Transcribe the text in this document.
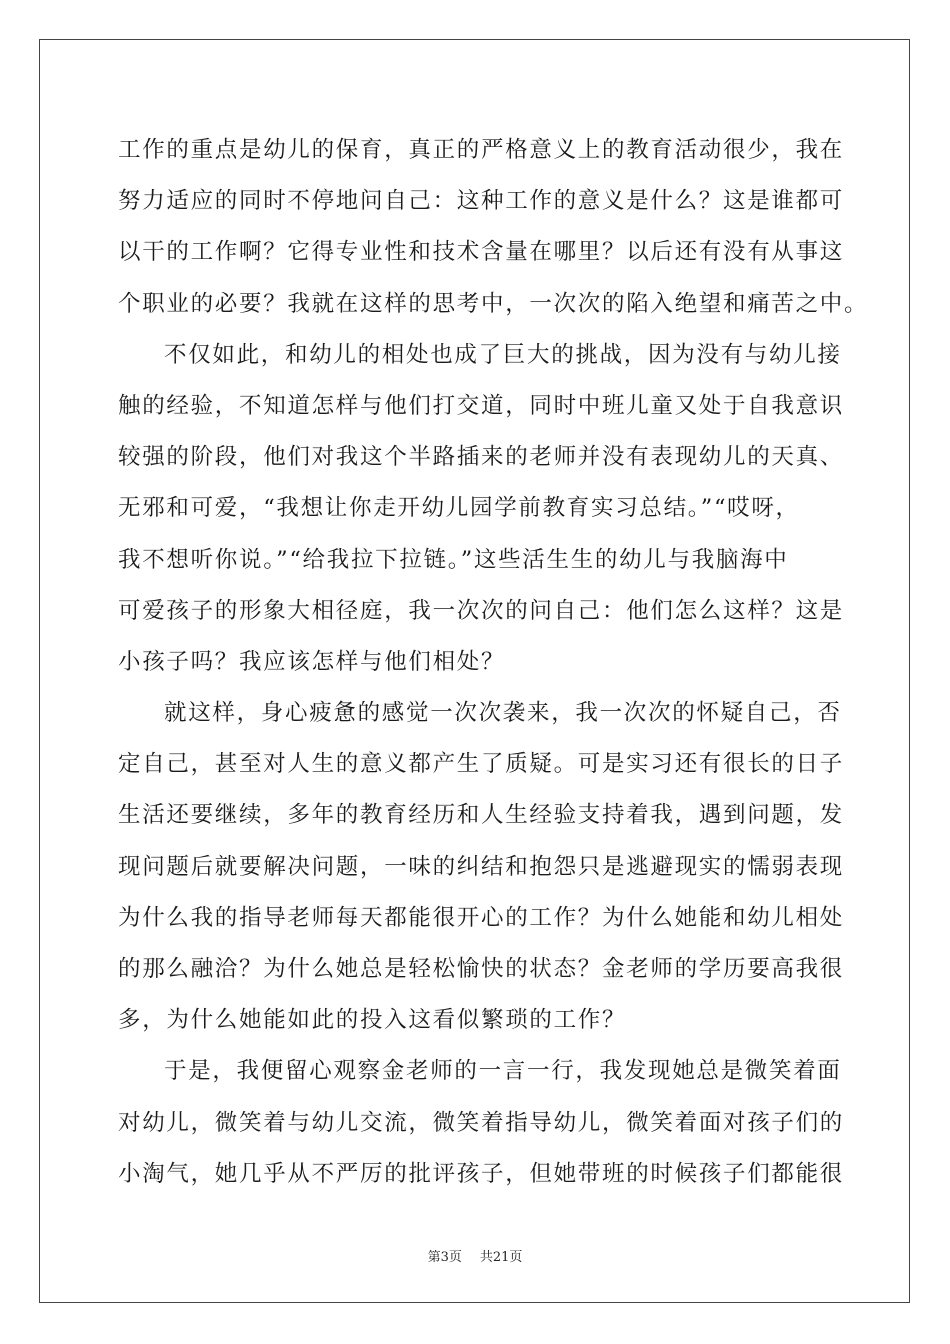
工作的重点是幼儿的保育，真正的严格意义上的教育活动很少，我在
努力适应的同时不停地问自己：这种工作的意义是什么？这是谁都可
以干的工作啊？它得专业性和技术含量在哪里？以后还有没有从事这
个职业的必要？我就在这样的思考中，一次次的陷入绝望和痛苦之中。
不仅如此，和幼儿的相处也成了巨大的挑战，因为没有与幼儿接
触的经验，不知道怎样与他们打交道，同时中班儿童又处于自我意识
较强的阶段，他们对我这个半路插来的老师并没有表现幼儿的天真、
无邪和可爱，“我想让你走开幼儿园学前教育实习总结。”“哎呀，
我不想听你说。”“给我拉下拉链。”这些活生生的幼儿与我脑海中
可爱孩子的形象大相径庭，我一次次的问自己：他们怎么这样？这是
小孩子吗？我应该怎样与他们相处？
就这样，身心疲惫的感觉一次次袭来，我一次次的怀疑自己，否
定自己，甚至对人生的意义都产生了质疑。可是实习还有很长的日子
生活还要继续，多年的教育经历和人生经验支持着我，遇到问题，发
现问题后就要解决问题，一味的纠结和抱怨只是逃避现实的懦弱表现
为什么我的指导老师每天都能很开心的工作？为什么她能和幼儿相处
的那么融洽？为什么她总是轻松愉快的状态？金老师的学历要高我很
多，为什么她能如此的投入这看似繁琐的工作？
于是，我便留心观察金老师的一言一行，我发现她总是微笑着面
对幼儿，微笑着与幼儿交流，微笑着指导幼儿，微笑着面对孩子们的
小淘气，她几乎从不严厉的批评孩子，但她带班的时候孩子们都能很
第3页 共21页
